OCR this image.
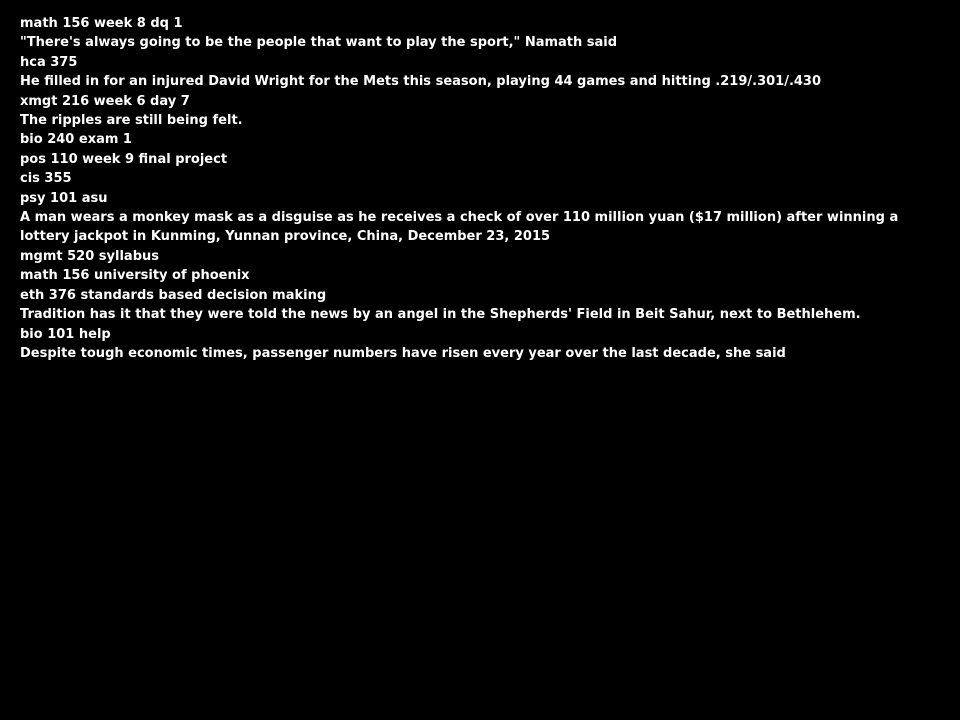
math 156 week 8 dq 1
"There's always going to be the people that want to play the sport," Namath said
hca 375
He filled in for an injured David Wright for the Mets this season, playing 44 games and hitting .219/.301/.430
xmgt 216 week 6 day 7
The ripples are still being felt.
bio 240 exam 1
pos 110 week 9 final project
cis 355
psy 101 asu
A man wears a monkey mask as a disguise as he receives a check of over 110 million yuan ($17 million) after winning a lottery jackpot in Kunming, Yunnan province, China, December 23, 2015
mgmt 520 syllabus
math 156 university of phoenix
eth 376 standards based decision making
Tradition has it that they were told the news by an angel in the Shepherds' Field in Beit Sahur, next to Bethlehem.
bio 101 help
Despite tough economic times, passenger numbers have risen every year over the last decade, she said
